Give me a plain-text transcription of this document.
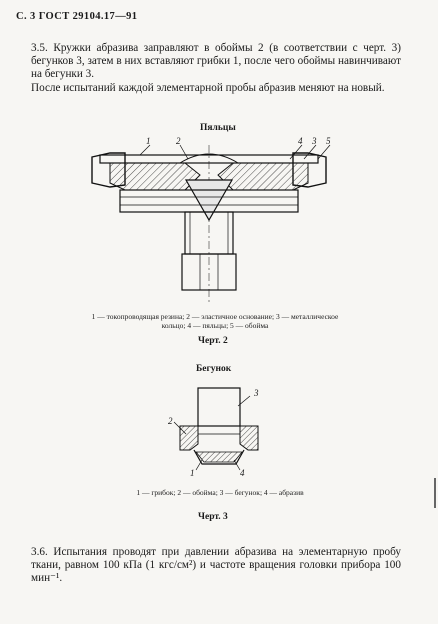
С. 3 ГОСТ 29104.17—91
3.5. Кружки абразива заправляют в обоймы 2 (в соответствии с черт. 3) бегунков 3, затем в них вставляют грибки 1, после чего обоймы навинчивают на бегунки 3.
После испытаний каждой элементарной пробы абразив меняют на новый.
Пяльцы
1	2	4 3 5
1 — токопроводящая резина; 2 — эластичное основание; 3 — металлическое кольцо; 4 — пяльцы; 5 — обойма
Черт. 2
Бегунок
3
2
1	4
1 — грибок; 2 — обойма; 3 — бегунок; 4 — абразив
Черт. 3
3.6. Испытания проводят при давлении абразива на элементарную пробу ткани, равном 100 кПа (1 кгс/см²) и частоте вращения головки прибора 100 мин⁻¹.
